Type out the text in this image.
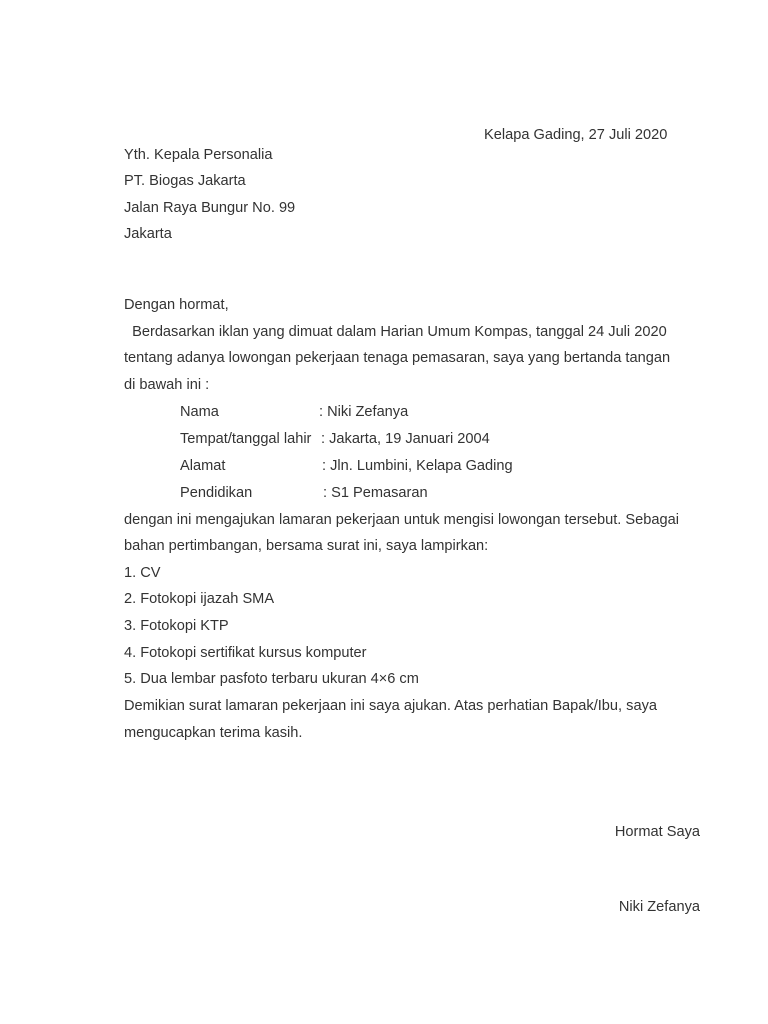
Kelapa Gading, 27 Juli 2020
Yth. Kepala Personalia
PT. Biogas Jakarta
Jalan Raya Bungur No. 99
Jakarta
Dengan hormat,
Berdasarkan iklan yang dimuat dalam Harian Umum Kompas, tanggal 24 Juli 2020
tentang adanya lowongan pekerjaan tenaga pemasaran, saya yang bertanda tangan
di bawah ini :
Nama	: Niki Zefanya
Tempat/tanggal lahir : Jakarta, 19 Januari 2004
Alamat	: Jln. Lumbini, Kelapa Gading
Pendidikan	: S1 Pemasaran
dengan ini mengajukan lamaran pekerjaan untuk mengisi lowongan tersebut. Sebagai
bahan pertimbangan, bersama surat ini, saya lampirkan:
1. CV
2. Fotokopi ijazah SMA
3. Fotokopi KTP
4. Fotokopi sertifikat kursus komputer
5. Dua lembar pasfoto terbaru ukuran 4×6 cm
Demikian surat lamaran pekerjaan ini saya ajukan. Atas perhatian Bapak/Ibu, saya
mengucapkan terima kasih.
Hormat Saya
Niki Zefanya
